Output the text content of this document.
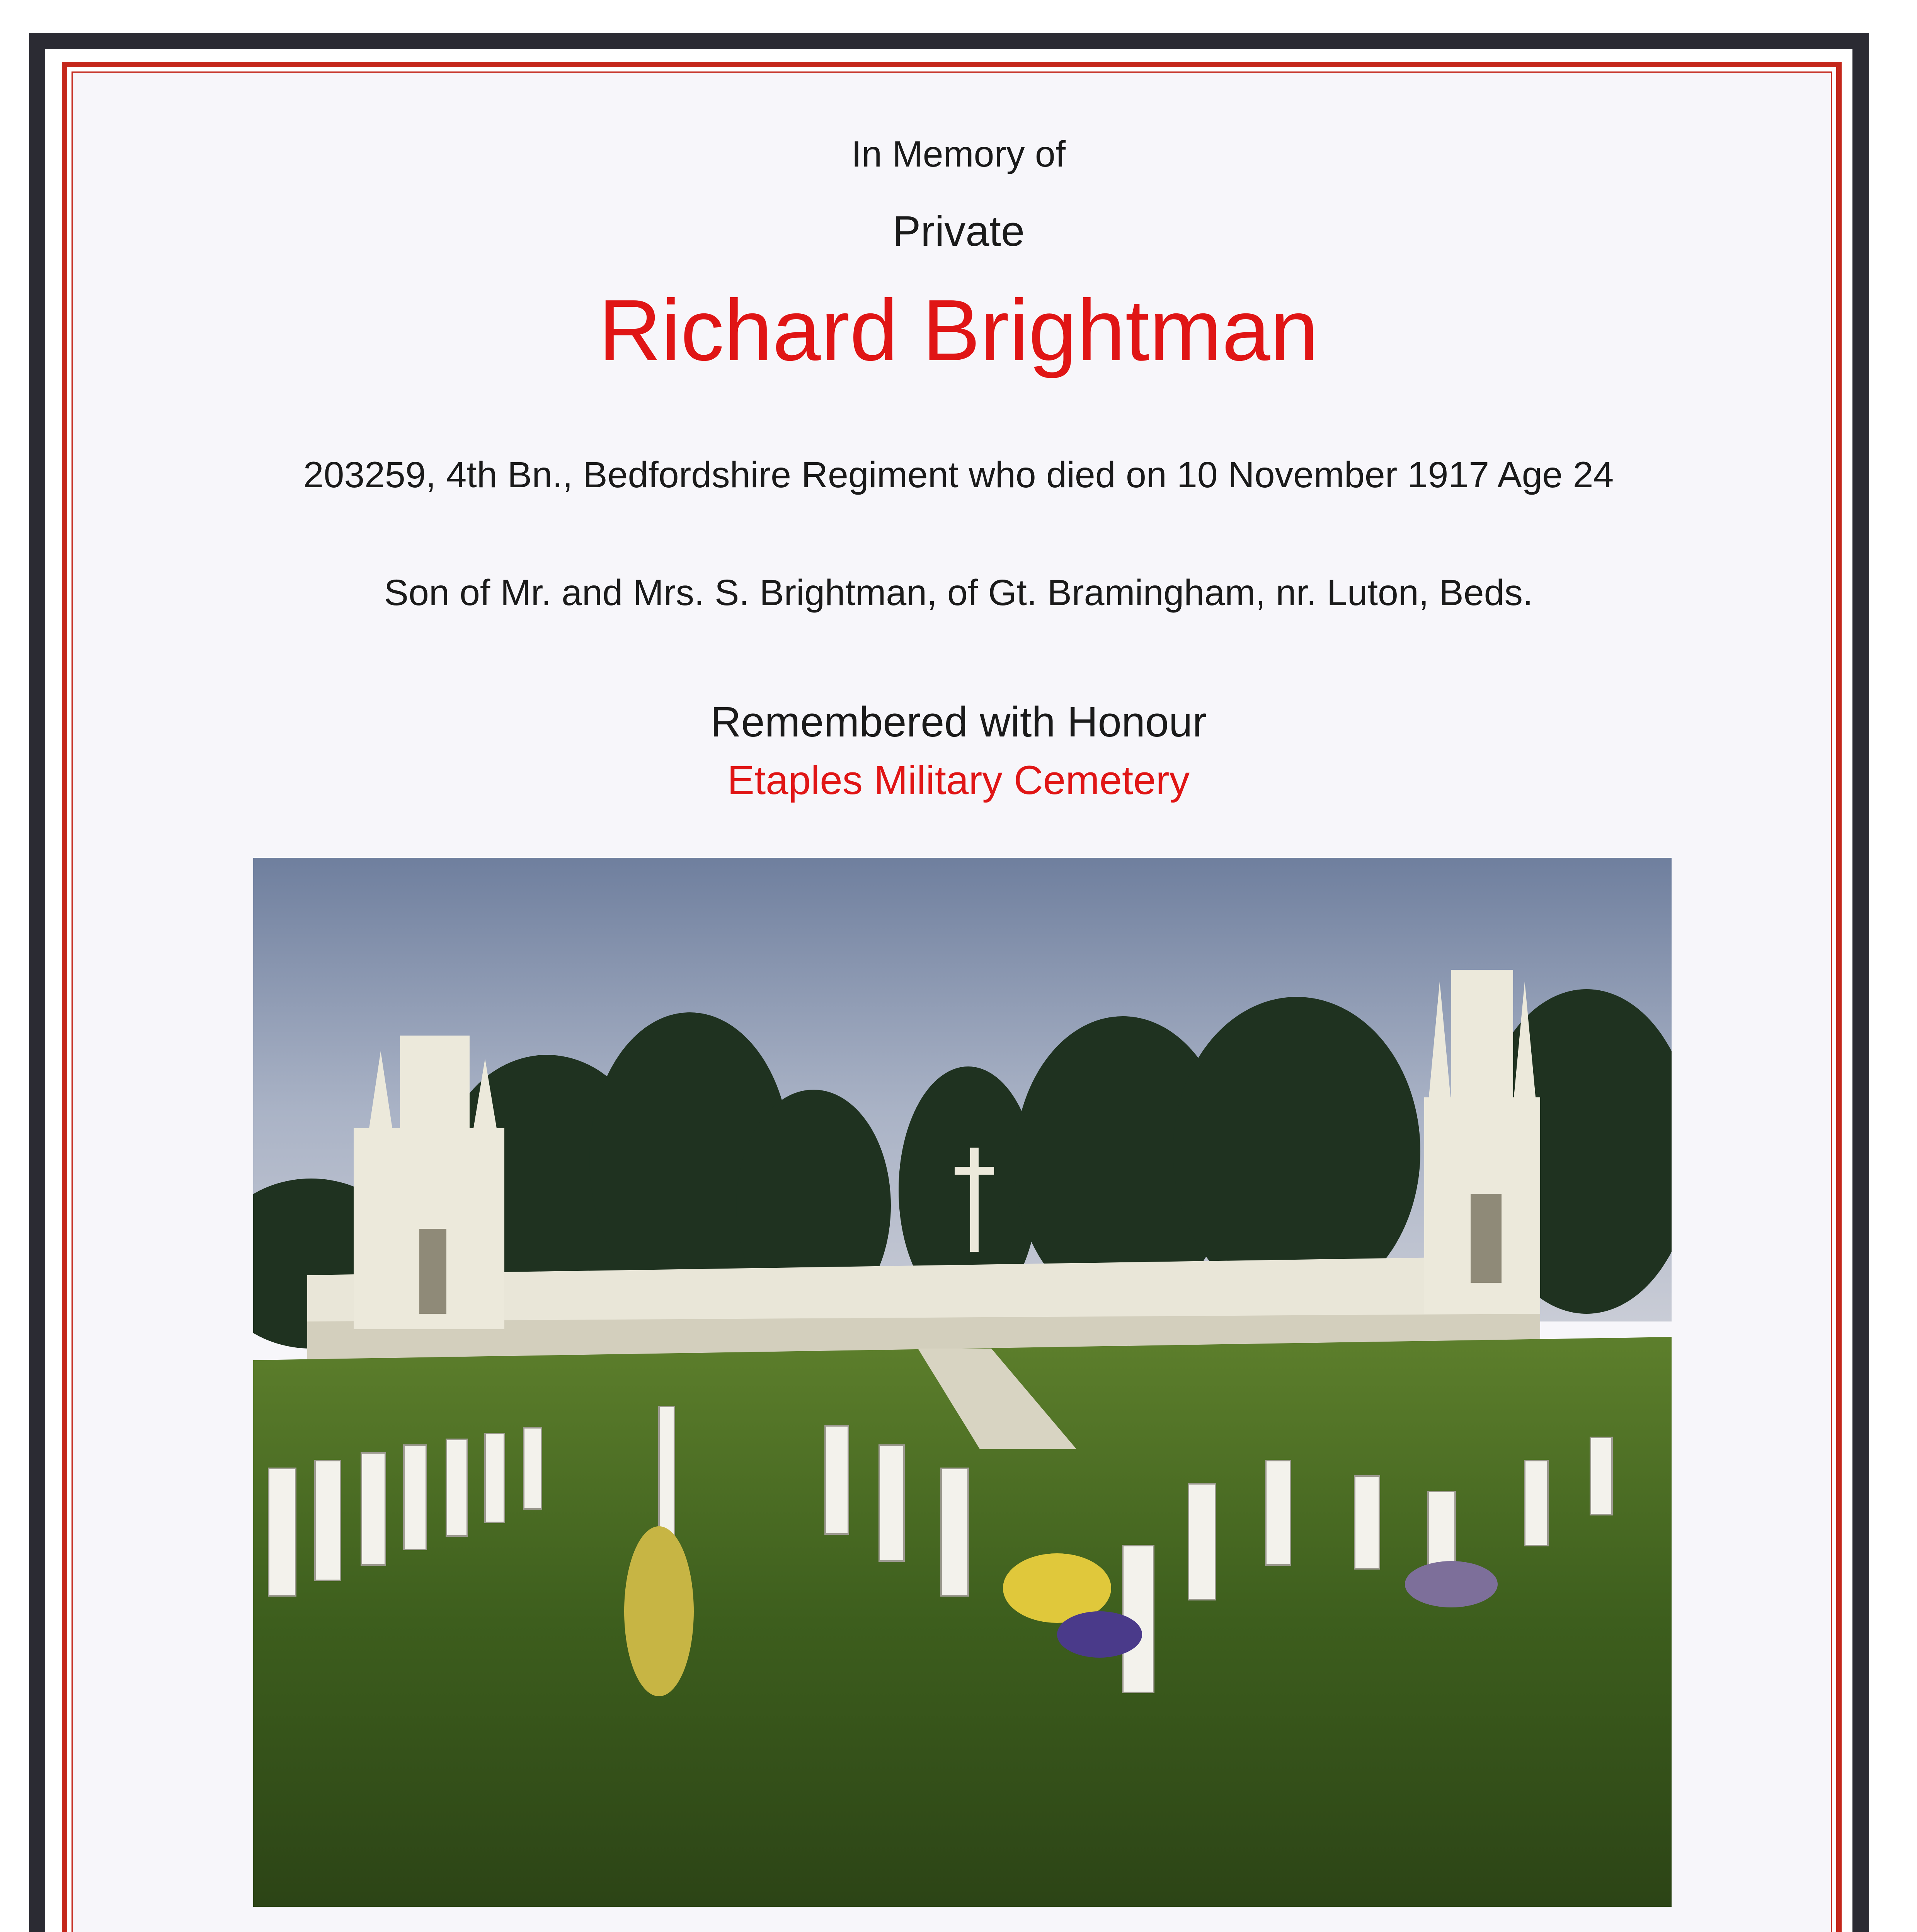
In Memory of
Private
Richard Brightman
203259, 4th Bn., Bedfordshire Regiment who died on 10 November 1917 Age 24
Son of Mr. and Mrs. S. Brightman, of Gt. Bramingham, nr. Luton, Beds.
Remembered with Honour
Etaples Military Cemetery
